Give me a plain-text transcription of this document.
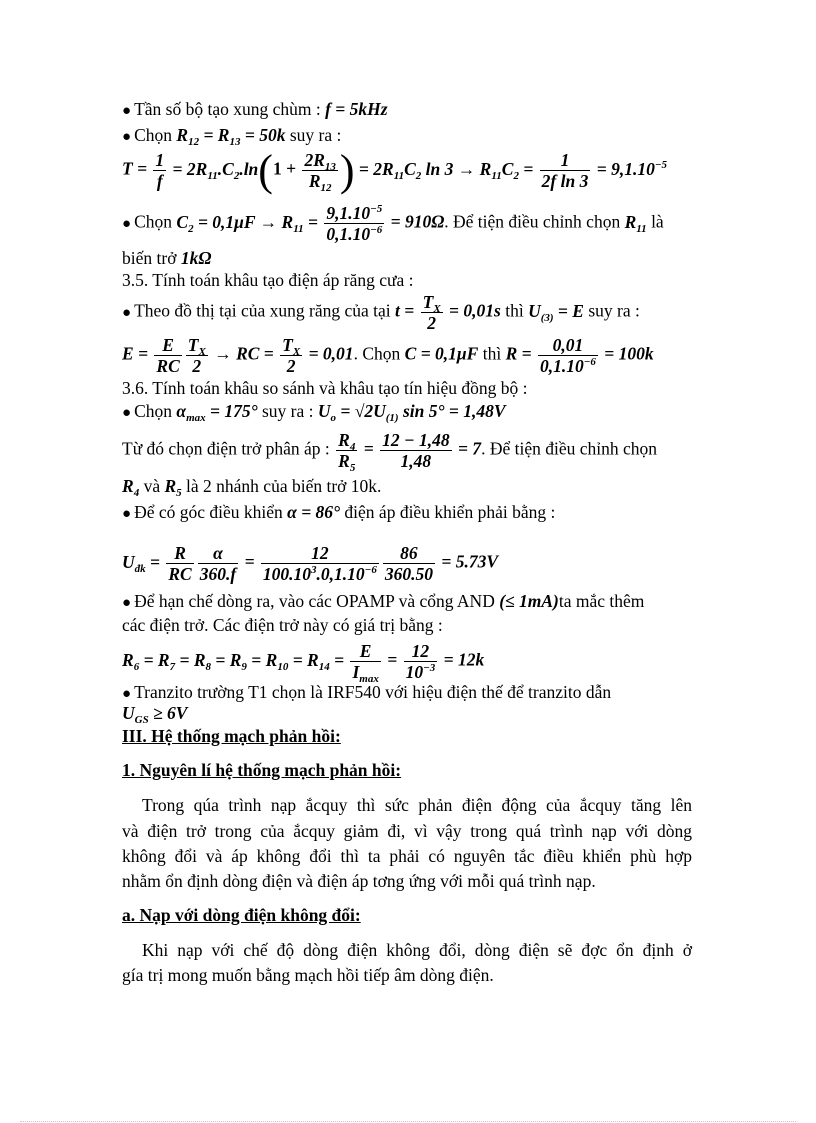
● Tần số bộ tạo xung chùm : f = 5kHz
● Chọn $R_{12} = R_{13} = 50k$ suy ra :
$T = \frac{1}{f} = 2R_{11}.C_2.\ln(1 + \frac{2R_{13}}{R_{12}}$ ) = $2R_{11}C_2$ $\ln 3 \to R_{11}C_2 = \frac{1}{\text{2f ln 3}} = 9,1.10^{-5}$
● Chọn $C_2 = 0,1\mu F \to R_{11} = \frac{9,1.10^{-5}}{0,1.10^{-6}} = 910\Omega$. Để tiện điều chỉnh chọn $R_{11}$ là
biến trở 1kΩ
3.5. Tính toán khâu tạo điện áp răng cưa :
● Theo đồ thị tại của xung răng của tại $t = \frac{T_X}{2} = 0,01s$ thì $U_{(3)} = E$ suy ra :
$E = \frac{E}{RC} \frac{T_X}{2}$ → RC = $\frac{T_X}{2} = 0,01$. Chọn C = 0,1μF thì $R = \frac{0,01}{0,1.10^{-6}} = 100k$
3.6. Tính toán khâu so sánh và khâu tạo tín hiệu đồng bộ :
● Chọn $\alpha_{max} = 175^\circ$ suy ra : $U_o = √2U_{(1)}$ sin 5° = 1,48V
Từ đó chọn điện trở phân áp : $\frac{R_4}{R_5} = \frac{12 - 1,48}{1,48} = 7$. Để tiện điều chỉnh chọn
$R_4$ và $R_5$ là 2 nhánh của biến trở 10k.
● Để có góc điều khiển α = 86° điện áp điều khiển phải bằng :
$U_{đk} = \frac{R}{RC} \frac{\alpha}{360.f} = \frac{12}{100.10^3.0,1.10^{-6}} \frac{86}{360.50} = 5.73V$
● Để hạn chế dòng ra, vào các OPAMP và cổng AND (≤ 1mA)ta mắc thêm
các điện trở. Các điện trở này có giá trị bằng :
$R_6 = R_7 = R_8 = R_9 = R_{10} = R_{14} = \frac{E}{I_{max}} = \frac{12}{10^{-3}} = 12k$
● Tranzito trường T1 chọn là IRF540 với hiệu điện thế để tranzito dẫn
$U_{GS} \ge 6V$
III. Hệ thống mạch phản hồi:
1. Nguyên lí hệ thống mạch phản hồi:
Trong qúa trình nạp ắcquy thì sức phản điện động của ắcquy tăng lên
và điện trở trong của ắcquy giảm đi, vì vậy trong quá trình nạp với dòng
không đổi và áp không đổi thì ta phải có nguyên tắc điều khiển phù hợp
nhằm ổn định dòng điện và điện áp tơng ứng với mỗi quá trình nạp.
a. Nạp với dòng điện không đổi:
Khi nạp với chế độ dòng điện không đổi, dòng điện sẽ đợc ổn định ở
gía trị mong muốn bằng mạch hồi tiếp âm dòng điện.
